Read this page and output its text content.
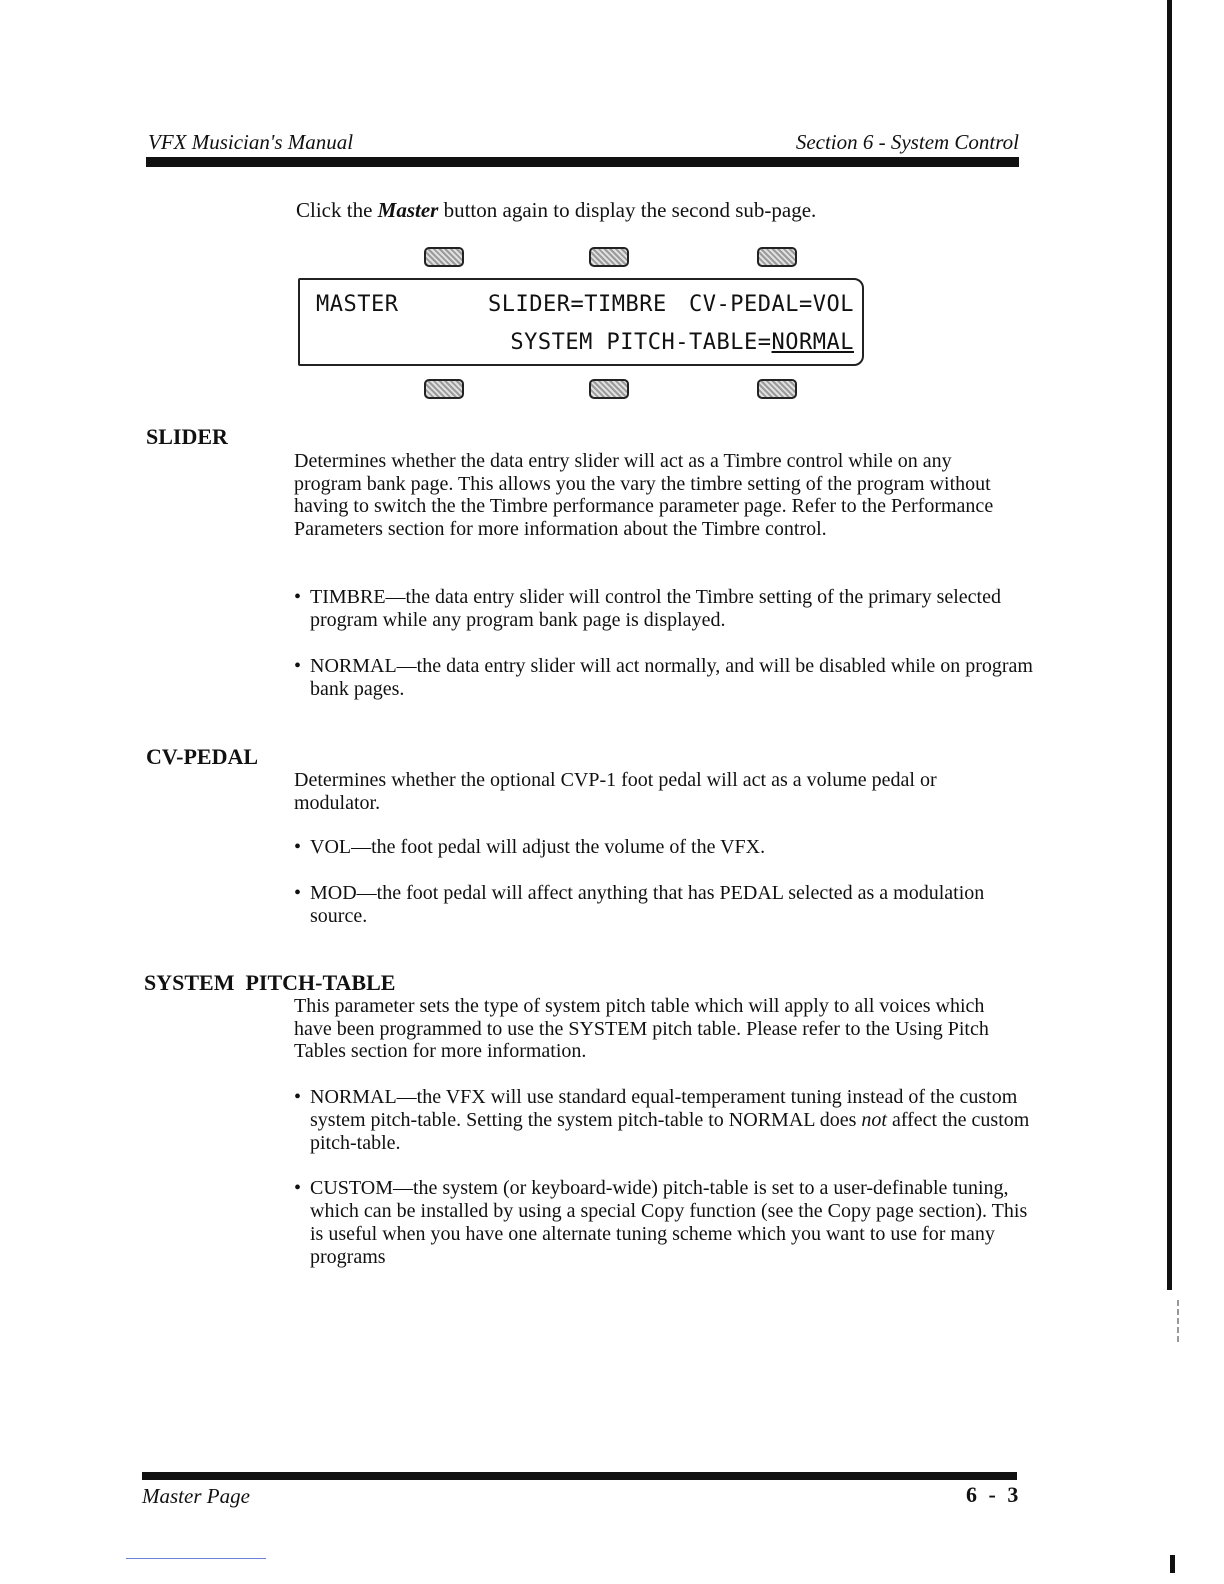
VFX Musician's Manual	Section 6 - System Control
Click the Master button again to display the second sub-page.
MASTER	SLIDER=TIMBRE CV-PEDAL=VOL
SYSTEM PITCH-TABLE=NORMAL
SLIDER
Determines whether the data entry slider will act as a Timbre control while on any program bank page. This allows you the vary the timbre setting of the program without having to switch the the Timbre performance parameter page. Refer to the Performance Parameters section for more information about the Timbre control.
• TIMBRE—the data entry slider will control the Timbre setting of the primary selected program while any program bank page is displayed.
• NORMAL—the data entry slider will act normally, and will be disabled while on program bank pages.
CV-PEDAL
Determines whether the optional CVP-1 foot pedal will act as a volume pedal or modulator.
• VOL—the foot pedal will adjust the volume of the VFX.
• MOD—the foot pedal will affect anything that has PEDAL selected as a modulation source.
SYSTEM  PITCH-TABLE
This parameter sets the type of system pitch table which will apply to all voices which have been programmed to use the SYSTEM pitch table. Please refer to the Using Pitch Tables section for more information.
• NORMAL—the VFX will use standard equal-temperament tuning instead of the custom system pitch-table. Setting the system pitch-table to NORMAL does not affect the custom pitch-table.
• CUSTOM—the system (or keyboard-wide) pitch-table is set to a user-definable tuning, which can be installed by using a special Copy function (see the Copy page section). This is useful when you have one alternate tuning scheme which you want to use for many programs
Master Page	6 - 3
